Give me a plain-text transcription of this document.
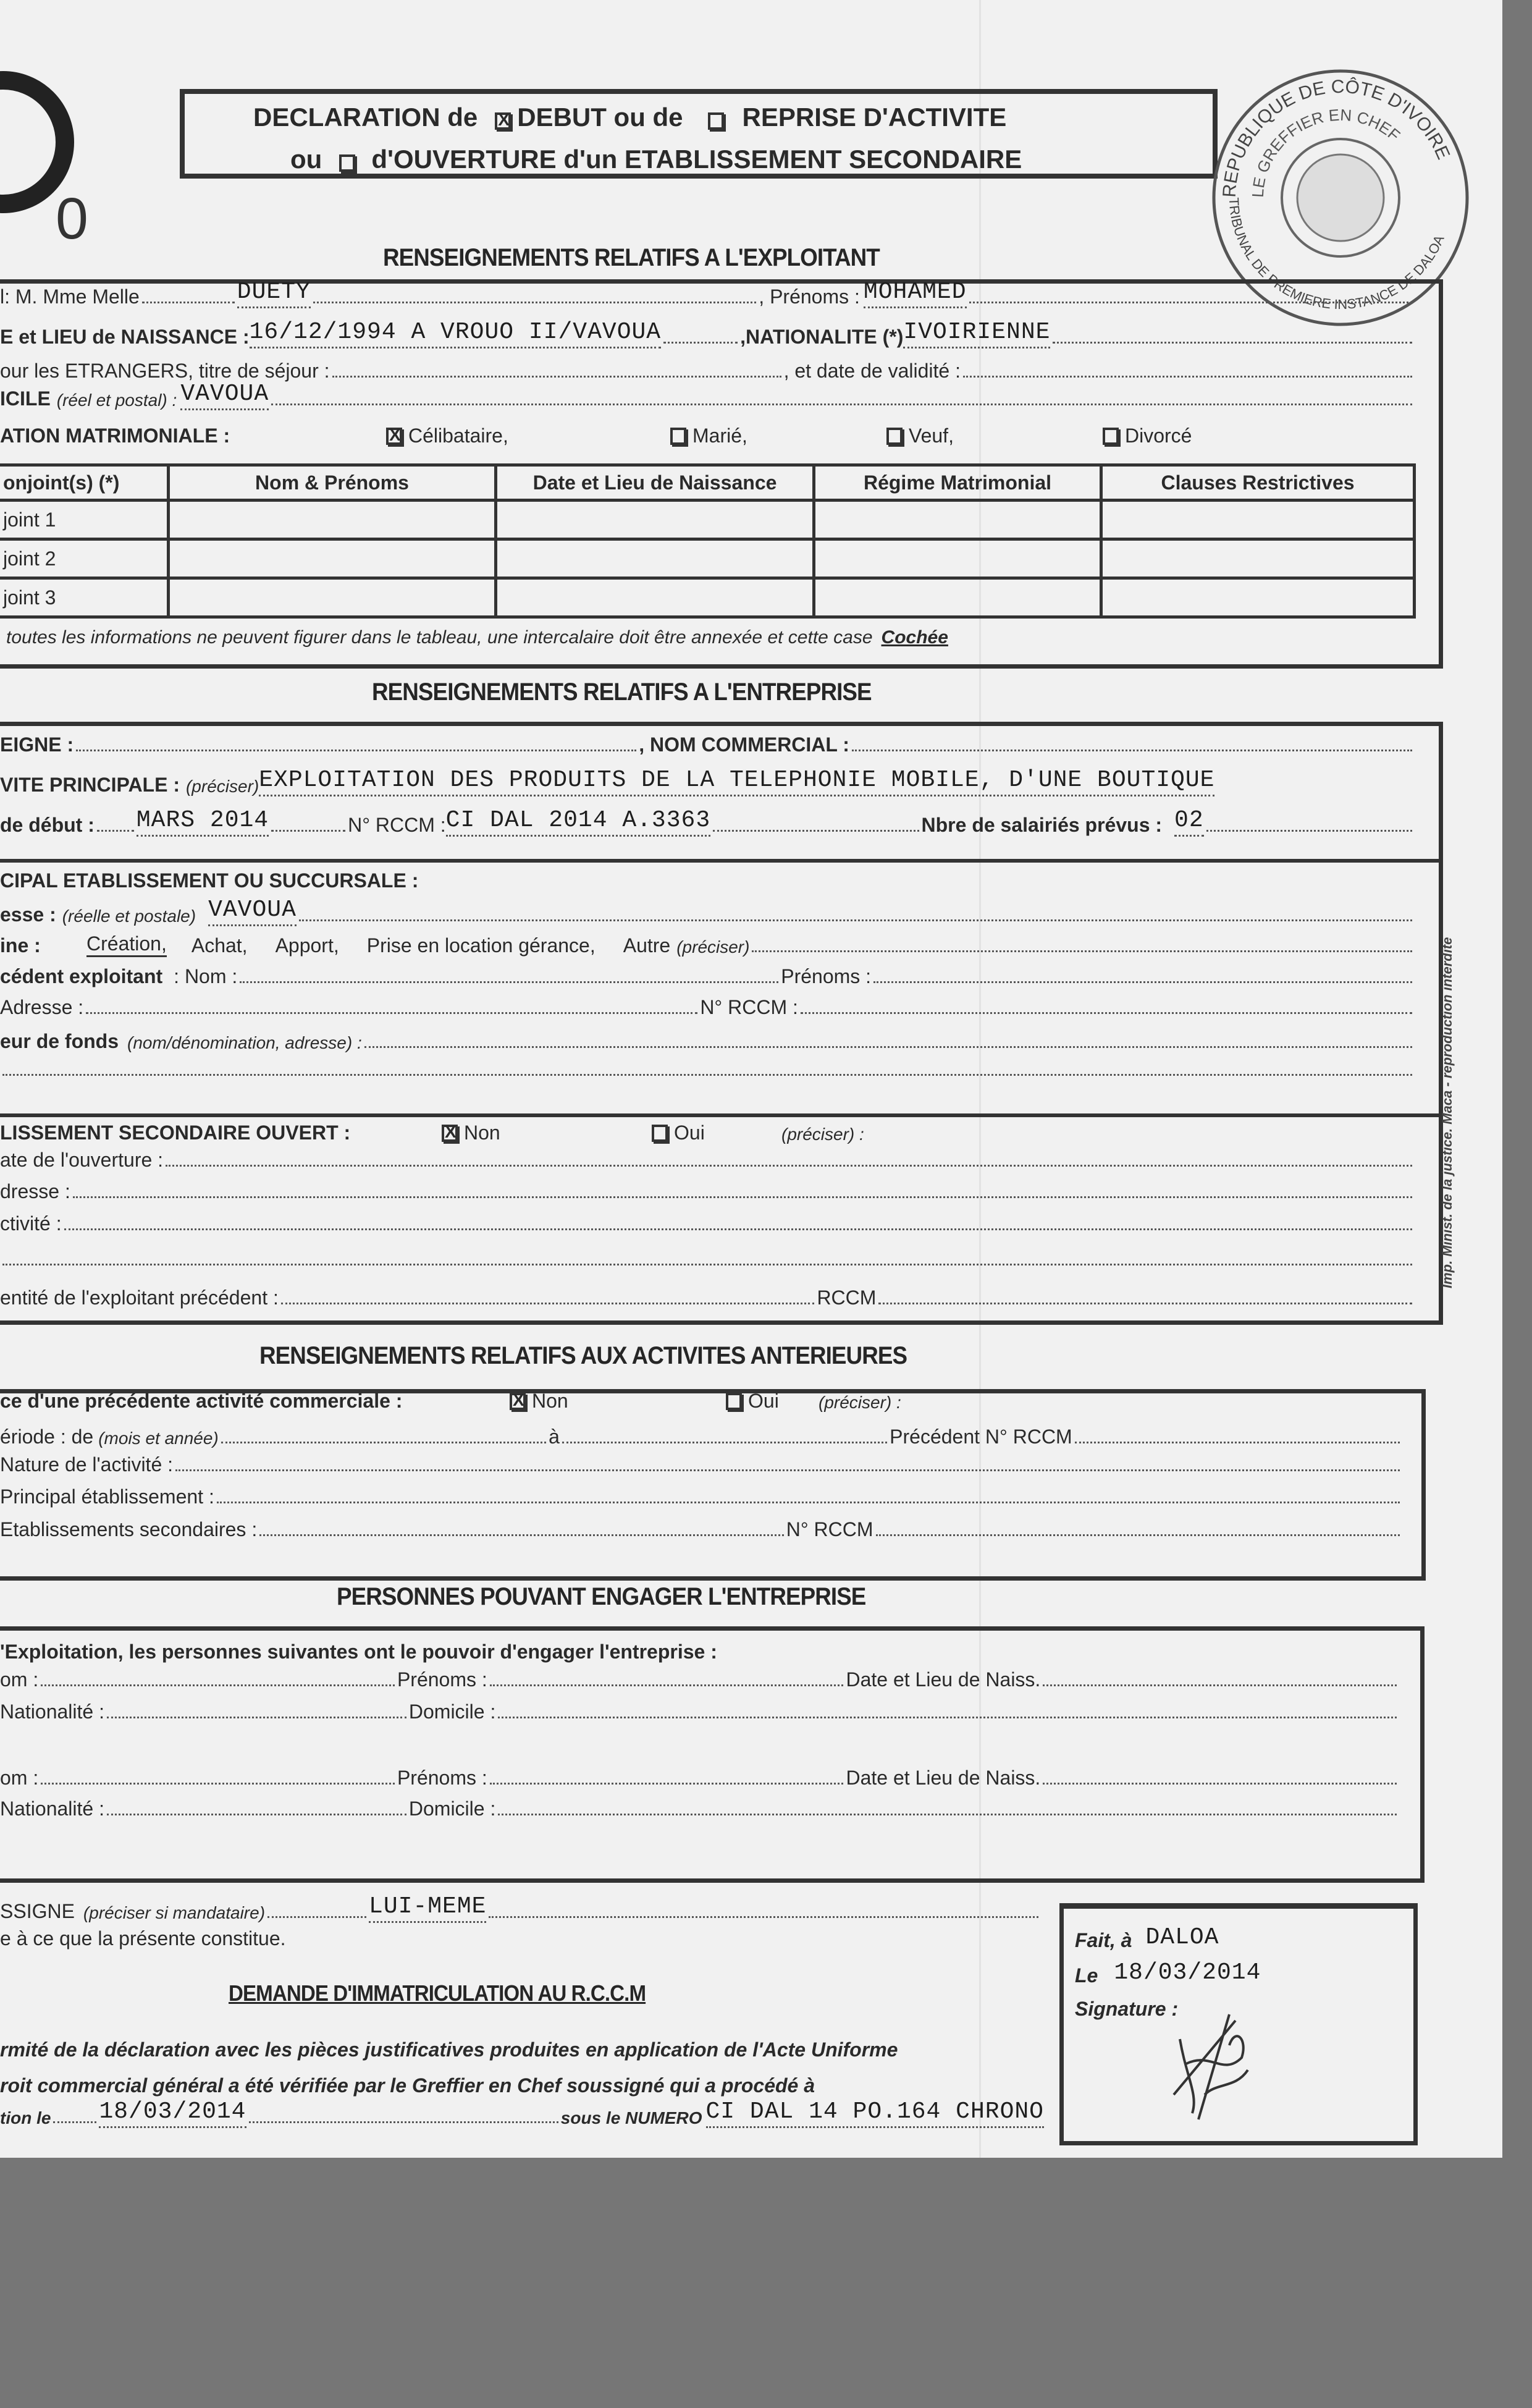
0
DECLARATION de X DEBUT ou de REPRISE D'ACTIVITE
ou d'OUVERTURE d'un ETABLISSEMENT SECONDAIRE
REPUBLIQUE DE CÔTE D'IVOIRE
TRIBUNAL DE PREMIERE INSTANCE DE DALOA
LE GREFFIER EN CHEF
RENSEIGNEMENTS RELATIFS A L'EXPLOITANT
l: M. Mme Melle	DUETY	, Prénoms : MOHAMED
E et LIEU de NAISSANCE : 16/12/1994 A VROUO II/VAVOUA	,NATIONALITE (*) IVOIRIENNE
our les ETRANGERS, titre de séjour :	, et date de validité :
ICILE (réel et postal) : VAVOUA
ATION MATRIMONIALE : X	Célibataire,	Marié,	Veuf,	Divorcé
onjoint(s) (*)	Nom & Prénoms	Date et Lieu de Naissance	Régime Matrimonial	Clauses Restrictives
joint 1				
joint 2				
joint 3				
toutes les informations ne peuvent figurer dans le tableau, une intercalaire doit être annexée et cette case Cochée
RENSEIGNEMENTS RELATIFS A L'ENTREPRISE
EIGNE :	, NOM COMMERCIAL :
VITE PRINCIPALE : (préciser) EXPLOITATION DES PRODUITS DE LA TELEPHONIE MOBILE, D'UNE BOUTIQUE
de début : MARS 2014	N° RCCM : CI DAL 2014 A.3363	Nbre de salairiés prévus : 02
CIPAL ETABLISSEMENT OU SUCCURSALE :
esse : (réelle et postale) VAVOUA
ine :	Création, Achat, Apport, Prise en location gérance, Autre (préciser)
cédent exploitant : Nom :	Prénoms :
Adresse :	N° RCCM :
eur de fonds (nom/dénomination, adresse) :
LISSEMENT SECONDAIRE OUVERT : X	Non	Oui	(préciser) :
ate de l'ouverture :
dresse :
ctivité :
entité de l'exploitant précédent :	RCCM
Imp. Minist. de la justice. Maca - reproduction interdite
RENSEIGNEMENTS RELATIFS AUX ACTIVITES ANTERIEURES
ce d'une précédente activité commerciale : X	Non	Oui (préciser) :
ériode : de (mois et année)	à	Précédent N° RCCM
Nature de l'activité :
Principal établissement :
Etablissements secondaires :	N° RCCM
PERSONNES POUVANT ENGAGER L'ENTREPRISE
'Exploitation, les personnes suivantes ont le pouvoir d'engager l'entreprise :
om :	Prénoms :	Date et Lieu de Naiss.
Nationalité :	Domicile :
om :	Prénoms :	Date et Lieu de Naiss.
Nationalité :	Domicile :
SSIGNE (préciser si mandataire)	LUI-MEME
e à ce que la présente constitue.	Fait, à DALOA
Le 18/03/2014
Signature :
DEMANDE D'IMMATRICULATION AU R.C.C.M
rmité de la déclaration avec les pièces justificatives produites en application de l'Acte Uniforme
roit commercial général a été vérifiée par le Greffier en Chef soussigné qui a procédé à
tion le 18/03/2014	sous le NUMERO CI DAL 14 PO.164 CHRONO
